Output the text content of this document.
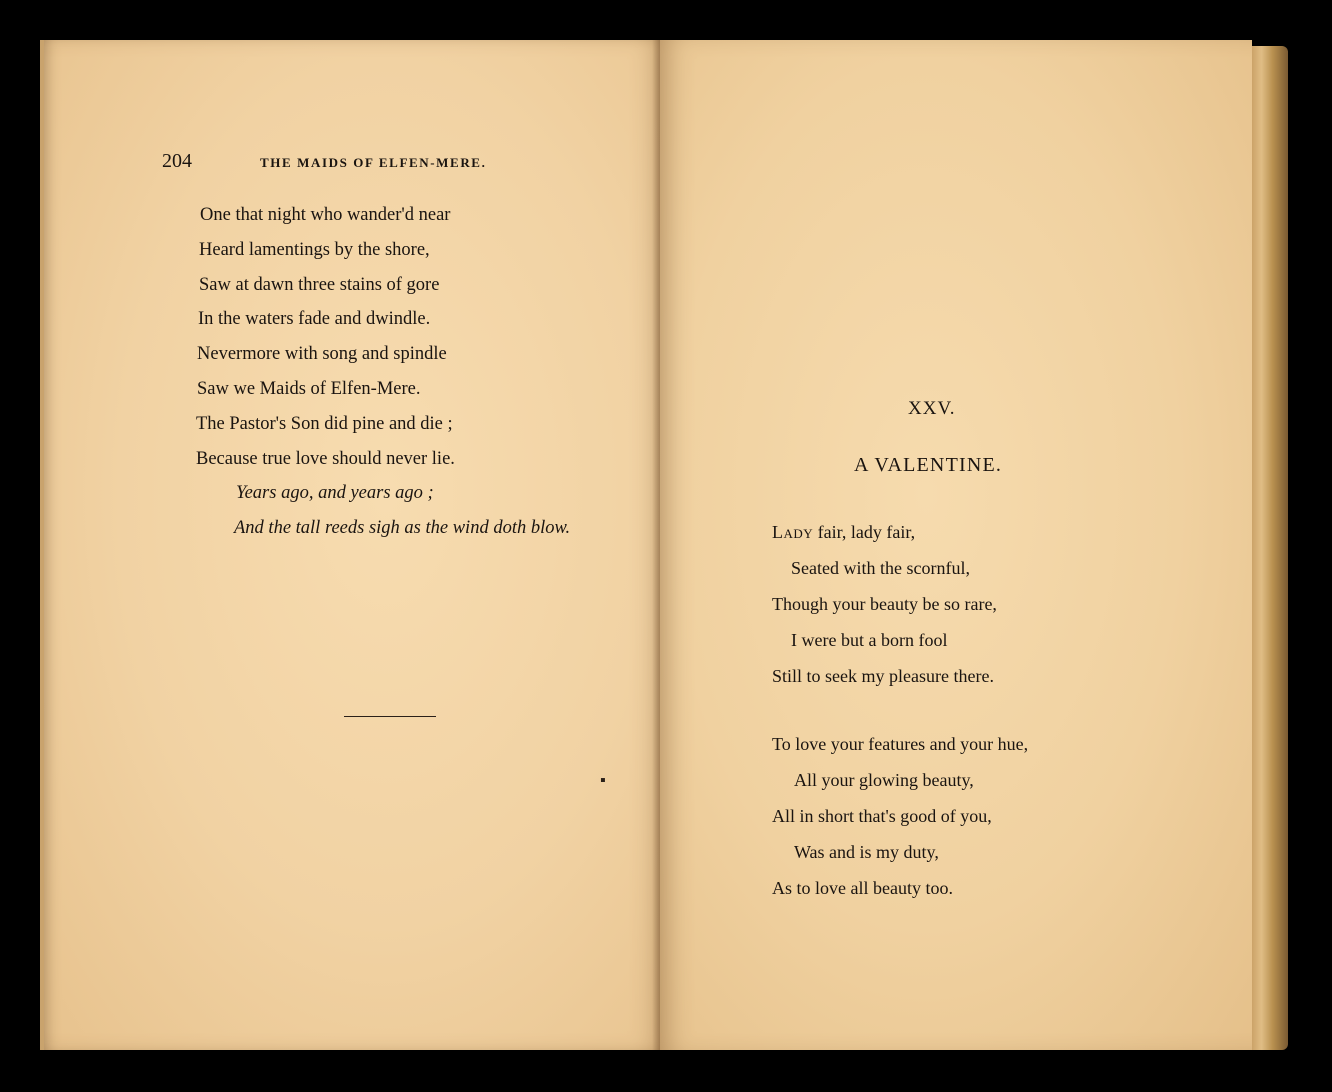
204	THE MAIDS OF ELFEN-MERE.
One that night who wander'd near
Heard lamentings by the shore,
Saw at dawn three stains of gore
In the waters fade and dwindle.
Nevermore with song and spindle
Saw we Maids of Elfen-Mere.
The Pastor's Son did pine and die ;
Because true love should never lie.
Years ago, and years ago ;
And the tall reeds sigh as the wind doth blow.
▪
XXV.
A VALENTINE.
Lady fair, lady fair,
Seated with the scornful,
Though your beauty be so rare,
I were but a born fool
Still to seek my pleasure there.
To love your features and your hue,
All your glowing beauty,
All in short that's good of you,
Was and is my duty,
As to love all beauty too.
